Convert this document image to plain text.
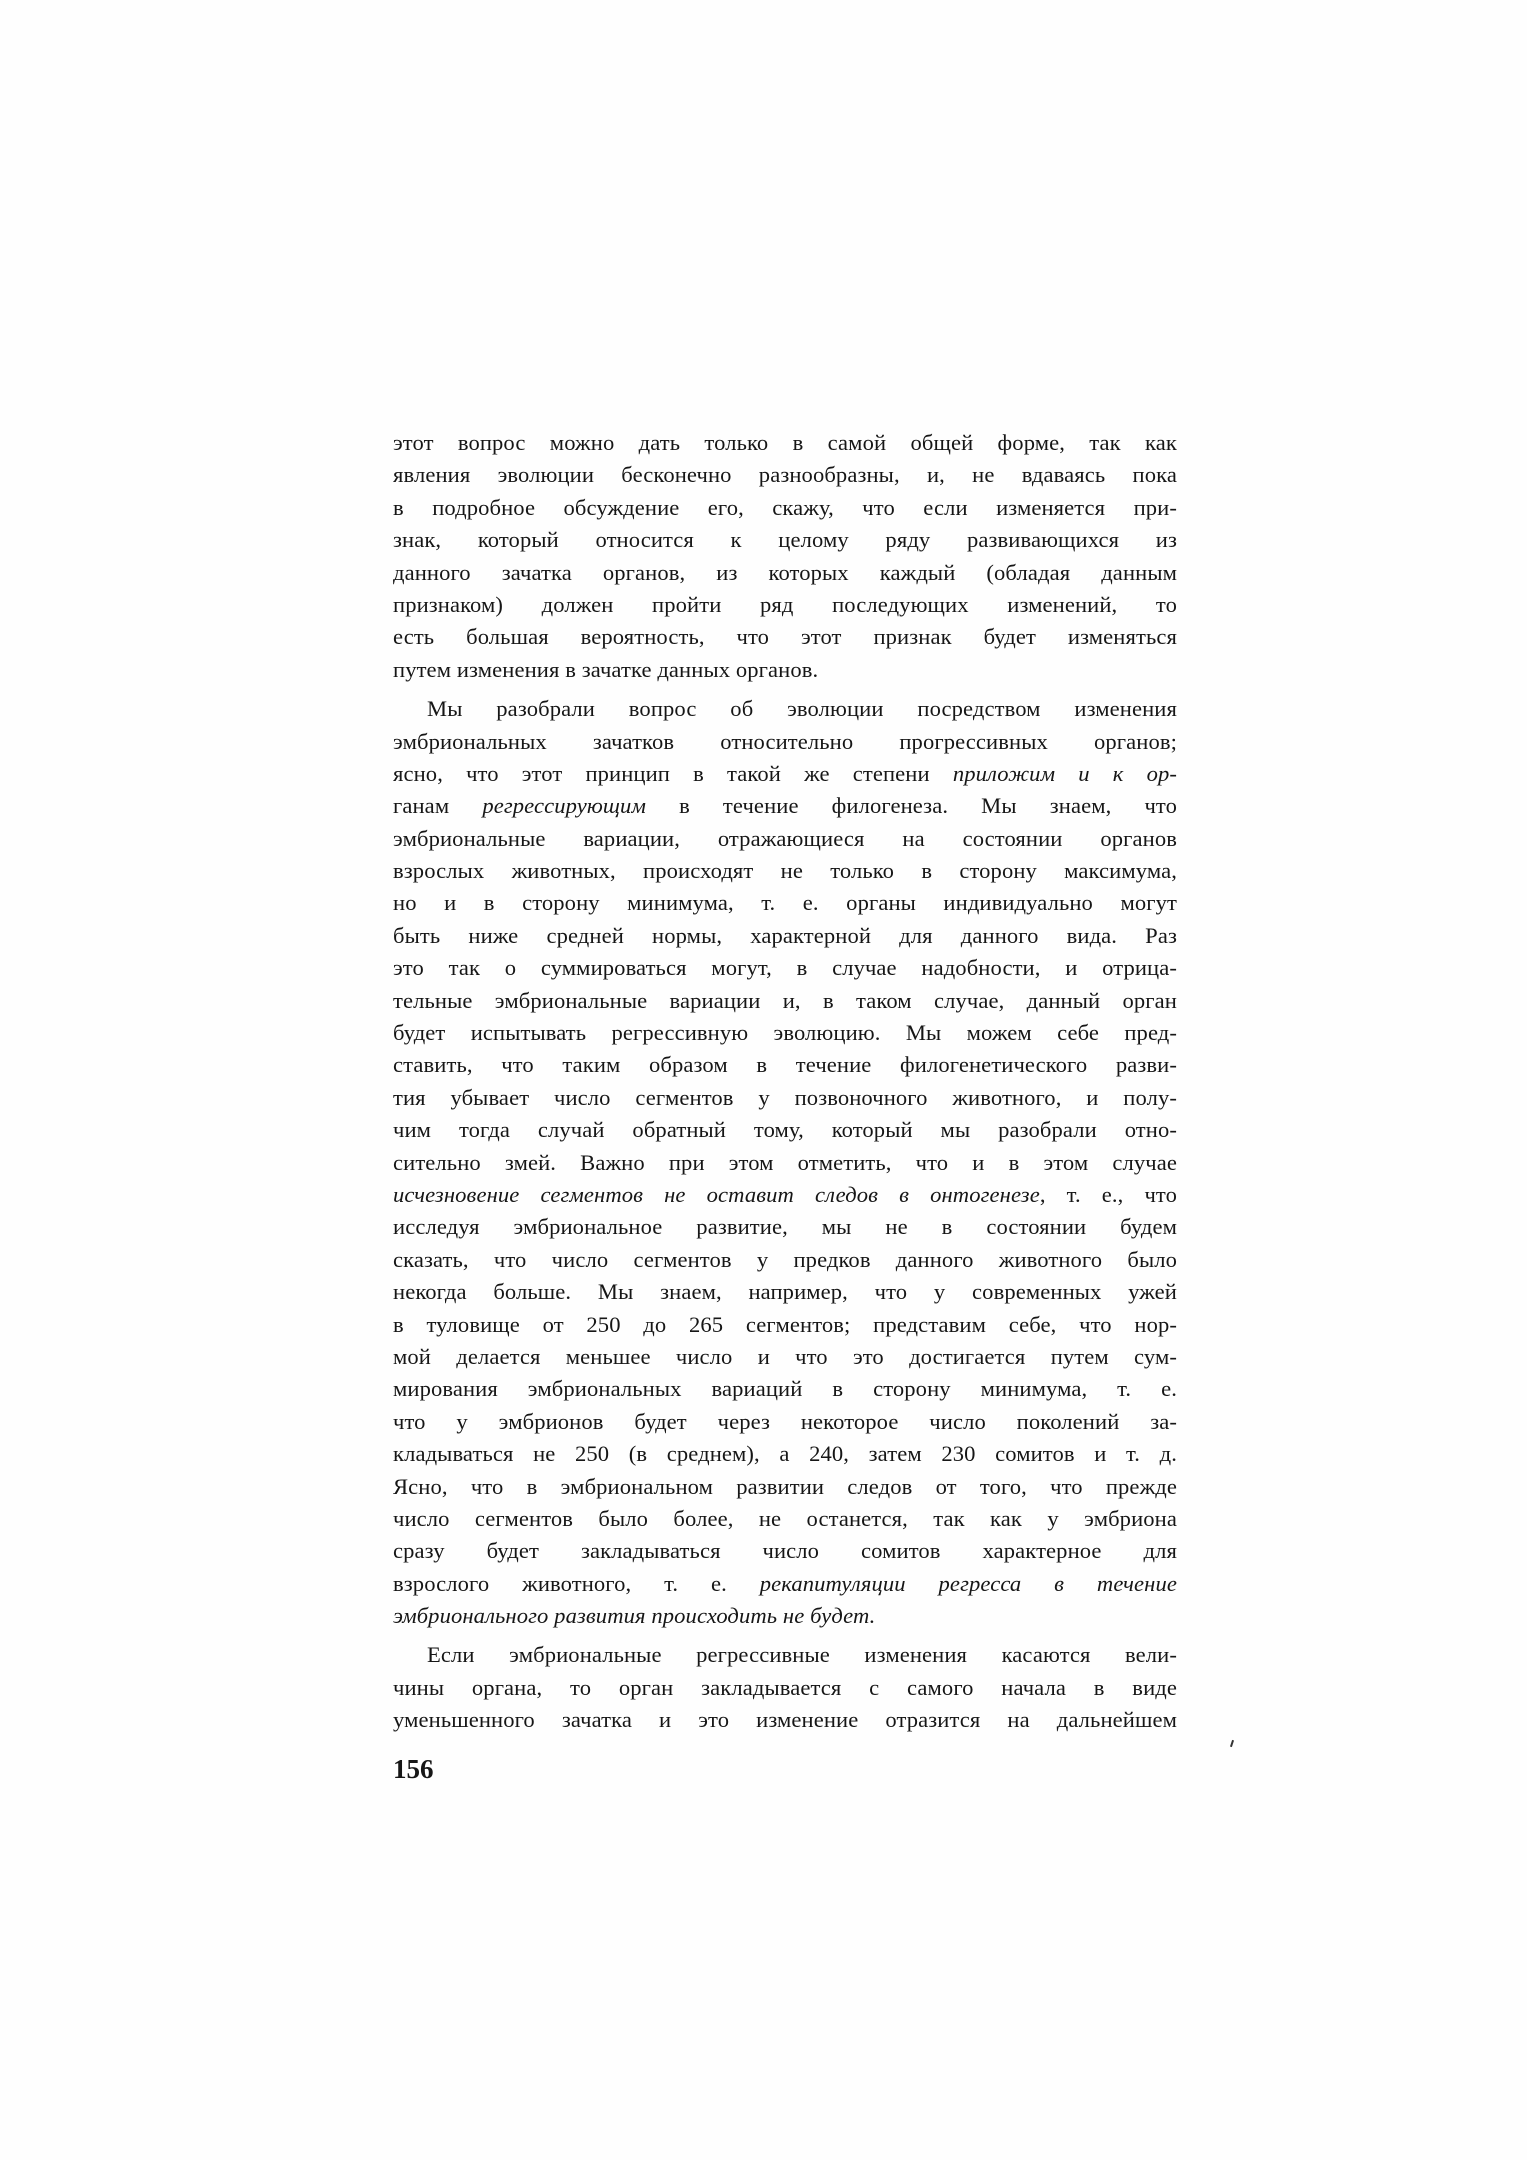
этот вопрос можно дать только в самой общей форме, так как
явления эволюции бесконечно разнообразны, и, не вдаваясь пока
в подробное обсуждение его, скажу, что если изменяется при-
знак, который относится к целому ряду развивающихся из
данного зачатка органов, из которых каждый (обладая данным
признаком) должен пройти ряд последующих изменений, то
есть большая вероятность, что этот признак будет изменяться
путем изменения в зачатке данных органов.
Мы разобрали вопрос об эволюции посредством изменения
эмбриональных зачатков относительно прогрессивных органов;
ясно, что этот принцип в такой же степени приложим и к ор-
ганам регрессирующим в течение филогенеза. Мы знаем, что
эмбриональные вариации, отражающиеся на состоянии органов
взрослых животных, происходят не только в сторону максимума,
но и в сторону минимума, т. е. органы индивидуально могут
быть ниже средней нормы, характерной для данного вида. Раз
это так о суммироваться могут, в случае надобности, и отрица-
тельные эмбриональные вариации и, в таком случае, данный орган
будет испытывать регрессивную эволюцию. Мы можем себе пред-
ставить, что таким образом в течение филогенетического разви-
тия убывает число сегментов у позвоночного животного, и полу-
чим тогда случай обратный тому, который мы разобрали отно-
сительно змей. Важно при этом отметить, что и в этом случае
исчезновение сегментов не оставит следов в онтогенезе, т. е., что
исследуя эмбриональное развитие, мы не в состоянии будем
сказать, что число сегментов у предков данного животного было
некогда больше. Мы знаем, например, что у современных ужей
в туловище от 250 до 265 сегментов; представим себе, что нор-
мой делается меньшее число и что это достигается путем сум-
мирования эмбриональных вариаций в сторону минимума, т. е.
что у эмбрионов будет через некоторое число поколений за-
кладываться не 250 (в среднем), а 240, затем 230 сомитов и т. д.
Ясно, что в эмбриональном развитии следов от того, что прежде
число сегментов было более, не останется, так как у эмбриона
сразу будет закладываться число сомитов характерное для
взрослого животного, т. е. рекапитуляции регресса в течение
эмбрионального развития происходить не будет.
Если эмбриональные регрессивные изменения касаются вели-
чины органа, то орган закладывается с самого начала в виде
уменьшенного зачатка и это изменение отразится на дальнейшем
156
